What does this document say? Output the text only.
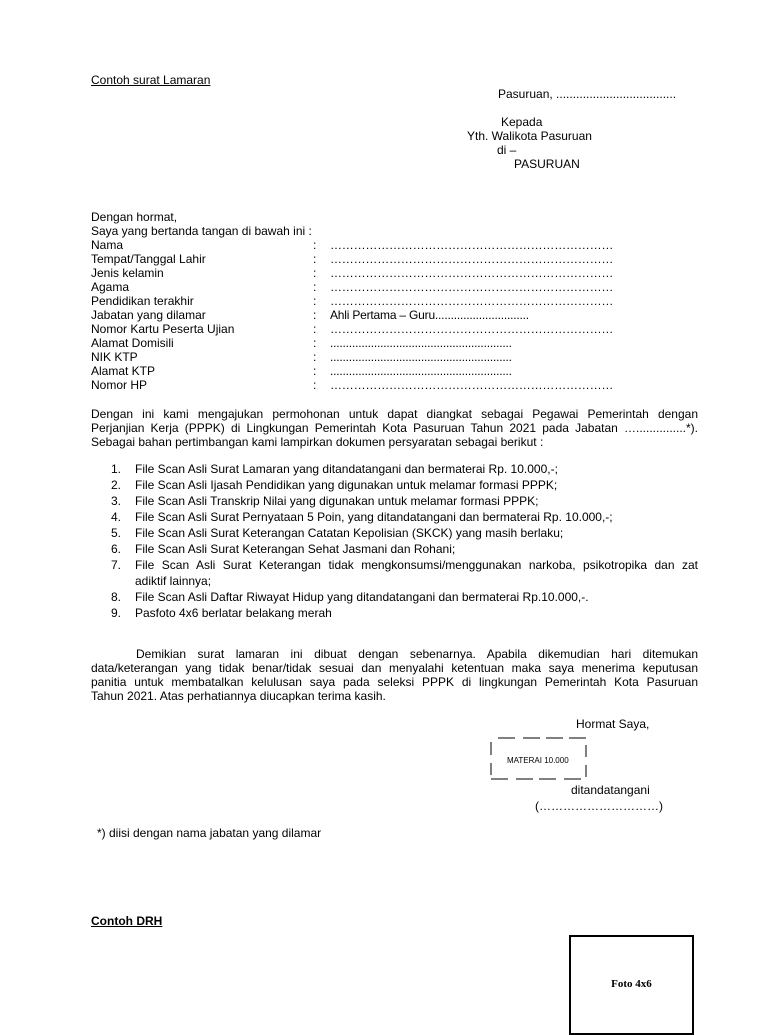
Contoh surat Lamaran
Pasuruan, ....................................
Kepada
Yth. Walikota Pasuruan
di –
PASURUAN
Dengan hormat,
Saya yang bertanda tangan di bawah ini :
Nama	: ………………………………………………………………
Tempat/Tanggal Lahir	: ………………………………………………………………
Jenis kelamin	: ………………………………………………………………
Agama	: ………………………………………………………………
Pendidikan terakhir	: ………………………………………………………………
Jabatan yang dilamar	: Ahli Pertama – Guru..............................
Nomor Kartu Peserta Ujian	: ………………………………………………………………
Alamat Domisili	: ..........................................................
NIK KTP	: ..........................................................
Alamat KTP	: ..........................................................
Nomor HP	: ………………………………………………………………
Dengan ini kami mengajukan permohonan untuk dapat diangkat sebagai Pegawai Pemerintah dengan
Perjanjian Kerja (PPPK) di Lingkungan Pemerintah Kota Pasuruan Tahun 2021 pada Jabatan …...............*).
Sebagai bahan pertimbangan kami lampirkan dokumen persyaratan sebagai berikut :
1. File Scan Asli Surat Lamaran yang ditandatangani dan bermaterai Rp. 10.000,-;
2. File Scan Asli Ijasah Pendidikan yang digunakan untuk melamar formasi PPPK;
3. File Scan Asli Transkrip Nilai yang digunakan untuk melamar formasi PPPK;
4. File Scan Asli Surat Pernyataan 5 Poin, yang ditandatangani dan bermaterai Rp. 10.000,-;
5. File Scan Asli Surat Keterangan Catatan Kepolisian (SKCK) yang masih berlaku;
6. File Scan Asli Surat Keterangan Sehat Jasmani dan Rohani;
7. File Scan Asli Surat Keterangan tidak mengkonsumsi/menggunakan narkoba, psikotropika dan zat
adiktif lainnya;
8. File Scan Asli Daftar Riwayat Hidup yang ditandatangani dan bermaterai Rp.10.000,-.
9. Pasfoto 4x6 berlatar belakang merah
Demikian surat lamaran ini dibuat dengan sebenarnya. Apabila dikemudian hari ditemukan
data/keterangan yang tidak benar/tidak sesuai dan menyalahi ketentuan maka saya menerima keputusan
panitia untuk membatalkan kelulusan saya pada seleksi PPPK di lingkungan Pemerintah Kota Pasuruan
Tahun 2021. Atas perhatiannya diucapkan terima kasih.
Hormat Saya,
MATERAI 10.000
ditandatangani
(…………………………)
*) diisi dengan nama jabatan yang dilamar
Contoh DRH
Foto 4x6
